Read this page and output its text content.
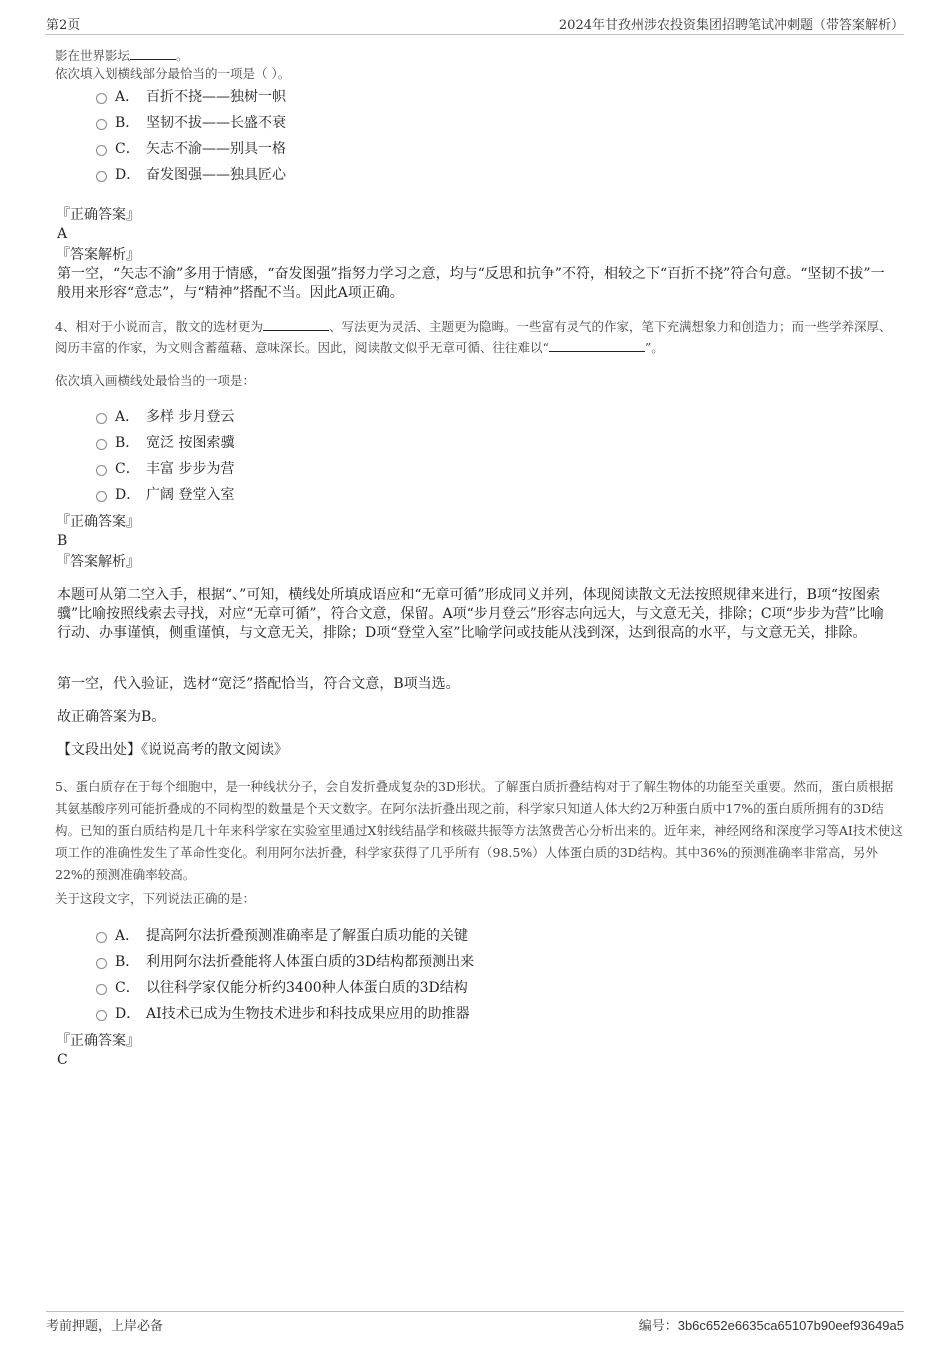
第2页	2024年甘孜州涉农投资集团招聘笔试冲刺题（带答案解析）
影在世界影坛	。
依次填入划横线部分最恰当的一项是（ ）。
A． 百折不挠——独树一帜
B． 坚韧不拔——长盛不衰
C． 矢志不渝——别具一格
D． 奋发图强——独具匠心
『正确答案』
A
『答案解析』
第一空，“矢志不渝”多用于情感，“奋发图强”指努力学习之意，均与“反思和抗争”不符，相较之下“百折不挠”符合句意。“坚韧不拔”一般用来形容“意志”，与“精神”搭配不当。因此A项正确。
4、相对于小说而言，散文的选材更为	、写法更为灵活、主题更为隐晦。一些富有灵气的作家，笔下充满想象力和创造力；而一些学养深厚、阅历丰富的作家，为文则含蓄蕴藉、意味深长。因此，阅读散文似乎无章可循、往往难以“	”。
依次填入画横线处最恰当的一项是：
A． 多样 步月登云
B． 宽泛 按图索骥
C． 丰富 步步为营
D． 广阔 登堂入室
『正确答案』
B
『答案解析』
本题可从第二空入手，根据“、”可知，横线处所填成语应和“无章可循”形成同义并列，体现阅读散文无法按照规律来进行，B项“按图索骥”比喻按照线索去寻找，对应“无章可循”，符合文意，保留。A项“步月登云”形容志向远大，与文意无关，排除；C项“步步为营”比喻行动、办事谨慎，侧重谨慎，与文意无关，排除；D项“登堂入室”比喻学问或技能从浅到深，达到很高的水平，与文意无关，排除。
第一空，代入验证，选材“宽泛”搭配恰当，符合文意，B项当选。
故正确答案为B。
【文段出处】《说说高考的散文阅读》
5、蛋白质存在于每个细胞中，是一种线状分子，会自发折叠成复杂的3D形状。了解蛋白质折叠结构对于了解生物体的功能至关重要。然而，蛋白质根据其氨基酸序列可能折叠成的不同构型的数量是个天文数字。在阿尔法折叠出现之前，科学家只知道人体大约2万种蛋白质中17%的蛋白质所拥有的3D结构。已知的蛋白质结构是几十年来科学家在实验室里通过X射线结晶学和核磁共振等方法煞费苦心分析出来的。近年来，神经网络和深度学习等AI技术使这项工作的准确性发生了革命性变化。利用阿尔法折叠，科学家获得了几乎所有（98.5%）人体蛋白质的3D结构。其中36%的预测准确率非常高，另外22%的预测准确率较高。
关于这段文字，下列说法正确的是：
A． 提高阿尔法折叠预测准确率是了解蛋白质功能的关键
B． 利用阿尔法折叠能将人体蛋白质的3D结构都预测出来
C． 以往科学家仅能分析约3400种人体蛋白质的3D结构
D． AI技术已成为生物技术进步和科技成果应用的助推器
『正确答案』
C
考前押题，上岸必备	编号：3b6c652e6635ca65107b90eef93649a5
